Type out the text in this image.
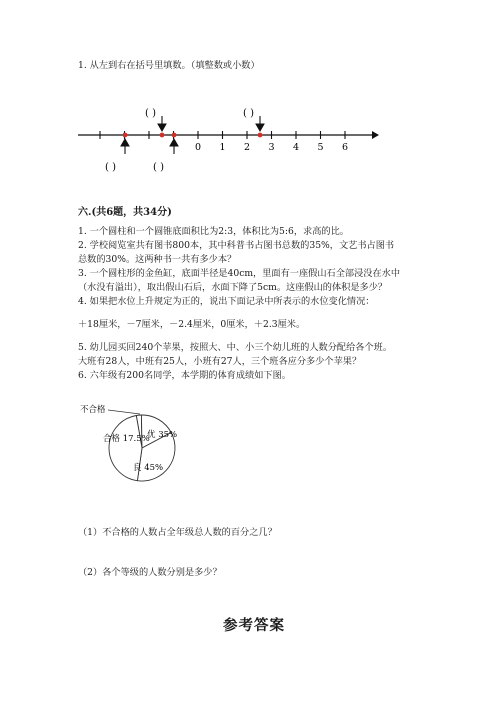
1. 从左到右在括号里填数。（填整数或小数）
0 1 2 3 4 5 6
( )
( )
( )
( )
六.(共6题，共34分)
1. 一个圆柱和一个圆锥底面积比为2:3，体积比为5:6，求高的比。
2. 学校阅览室共有图书800本，其中科普书占图书总数的35%，文艺书占图书
总数的30%。这两种书一共有多少本？
3. 一个圆柱形的金鱼缸，底面半径是40cm，里面有一座假山石全部浸没在水中
（水没有溢出），取出假山石后，水面下降了5cm。这座假山的体积是多少？
4. 如果把水位上升规定为正的，说出下面记录中所表示的水位变化情况：
＋18厘米，－7厘米，－2.4厘米，0厘米，＋2.3厘米。
5. 幼儿园买回240个苹果，按照大、中、小三个幼儿班的人数分配给各个班。
大班有28人，中班有25人，小班有27人，三个班各应分多少个苹果？
6. 六年级有200名同学，本学期的体育成绩如下图。
不合格
合格 17.5%
优 35%
良 45%
（1）不合格的人数占全年级总人数的百分之几？
（2）各个等级的人数分别是多少？
参考答案
